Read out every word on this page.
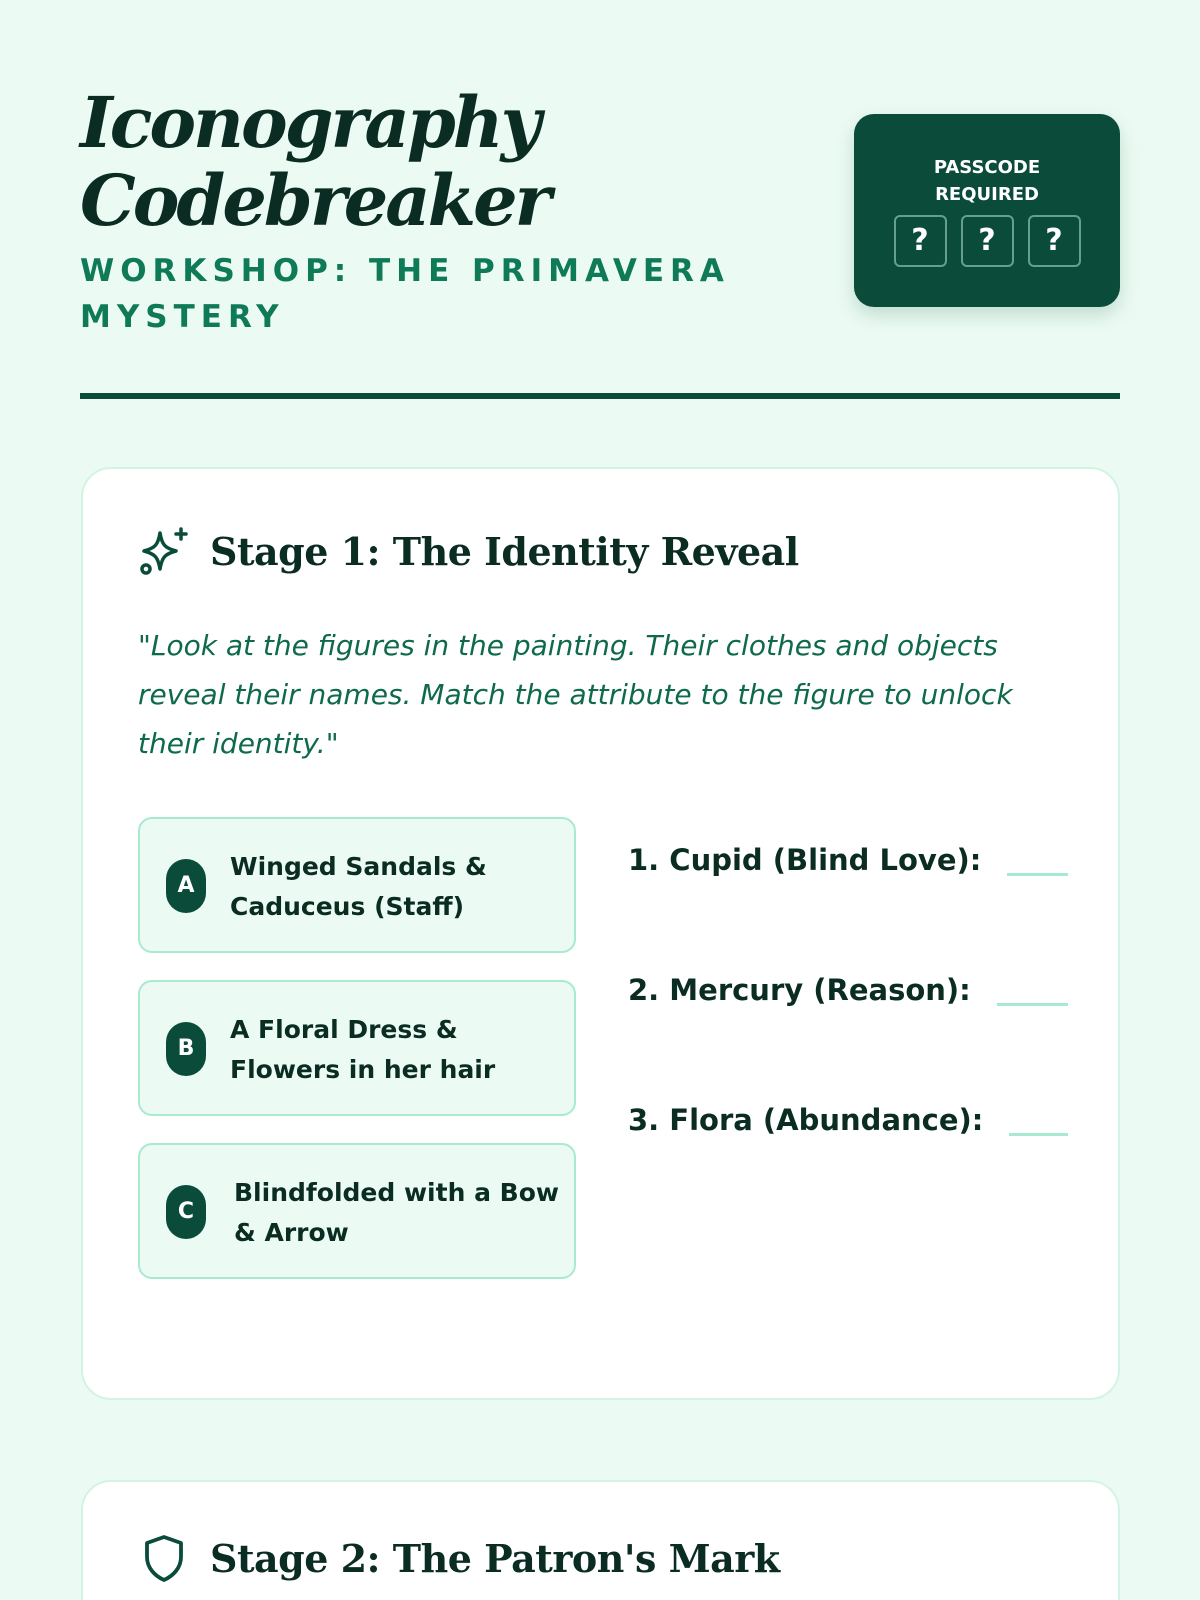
Iconography
Codebreaker
WORKSHOP: THE PRIMAVERA MYSTERY
PASSCODE REQUIRED
?	?	?
Stage 1: The Identity Reveal

"Look at the figures in the painting. Their clothes and objects reveal their names. Match the attribute to the figure to unlock their identity."

A
Winged Sandals & Caduceus (Staff)
B
A Floral Dress & Flowers in her hair
C
Blindfolded with a Bow & Arrow
1. Cupid (Blind Love):
2. Mercury (Reason):
3. Flora (Abundance):
Stage 2: The Patron's Mark
